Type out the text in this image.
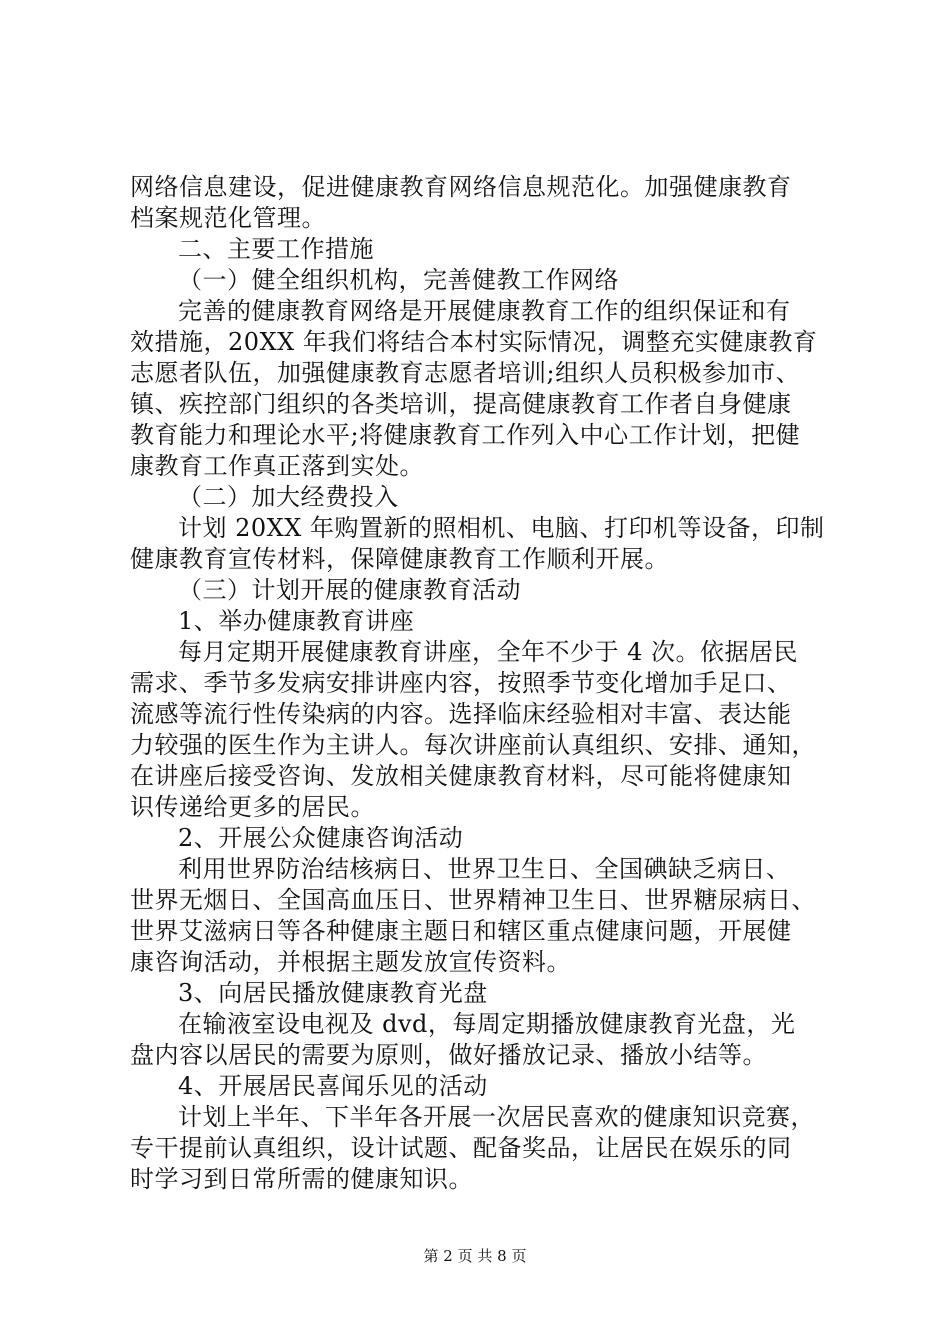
网络信息建设，促进健康教育网络信息规范化。加强健康教育
档案规范化管理。
二、主要工作措施
（一）健全组织机构，完善健教工作网络
完善的健康教育网络是开展健康教育工作的组织保证和有
效措施，20XX 年我们将结合本村实际情况，调整充实健康教育
志愿者队伍，加强健康教育志愿者培训;组织人员积极参加市、
镇、疾控部门组织的各类培训，提高健康教育工作者自身健康
教育能力和理论水平;将健康教育工作列入中心工作计划，把健
康教育工作真正落到实处。
（二）加大经费投入
计划 20XX 年购置新的照相机、电脑、打印机等设备，印制
健康教育宣传材料，保障健康教育工作顺利开展。
（三）计划开展的健康教育活动
1、举办健康教育讲座
每月定期开展健康教育讲座，全年不少于 4 次。依据居民
需求、季节多发病安排讲座内容，按照季节变化增加手足口、
流感等流行性传染病的内容。选择临床经验相对丰富、表达能
力较强的医生作为主讲人。每次讲座前认真组织、安排、通知，
在讲座后接受咨询、发放相关健康教育材料，尽可能将健康知
识传递给更多的居民。
2、开展公众健康咨询活动
利用世界防治结核病日、世界卫生日、全国碘缺乏病日、
世界无烟日、全国高血压日、世界精神卫生日、世界糖尿病日、
世界艾滋病日等各种健康主题日和辖区重点健康问题，开展健
康咨询活动，并根据主题发放宣传资料。
3、向居民播放健康教育光盘
在输液室设电视及 dvd，每周定期播放健康教育光盘，光
盘内容以居民的需要为原则，做好播放记录、播放小结等。
4、开展居民喜闻乐见的活动
计划上半年、下半年各开展一次居民喜欢的健康知识竞赛，
专干提前认真组织，设计试题、配备奖品，让居民在娱乐的同
时学习到日常所需的健康知识。
第 2 页 共 8 页
